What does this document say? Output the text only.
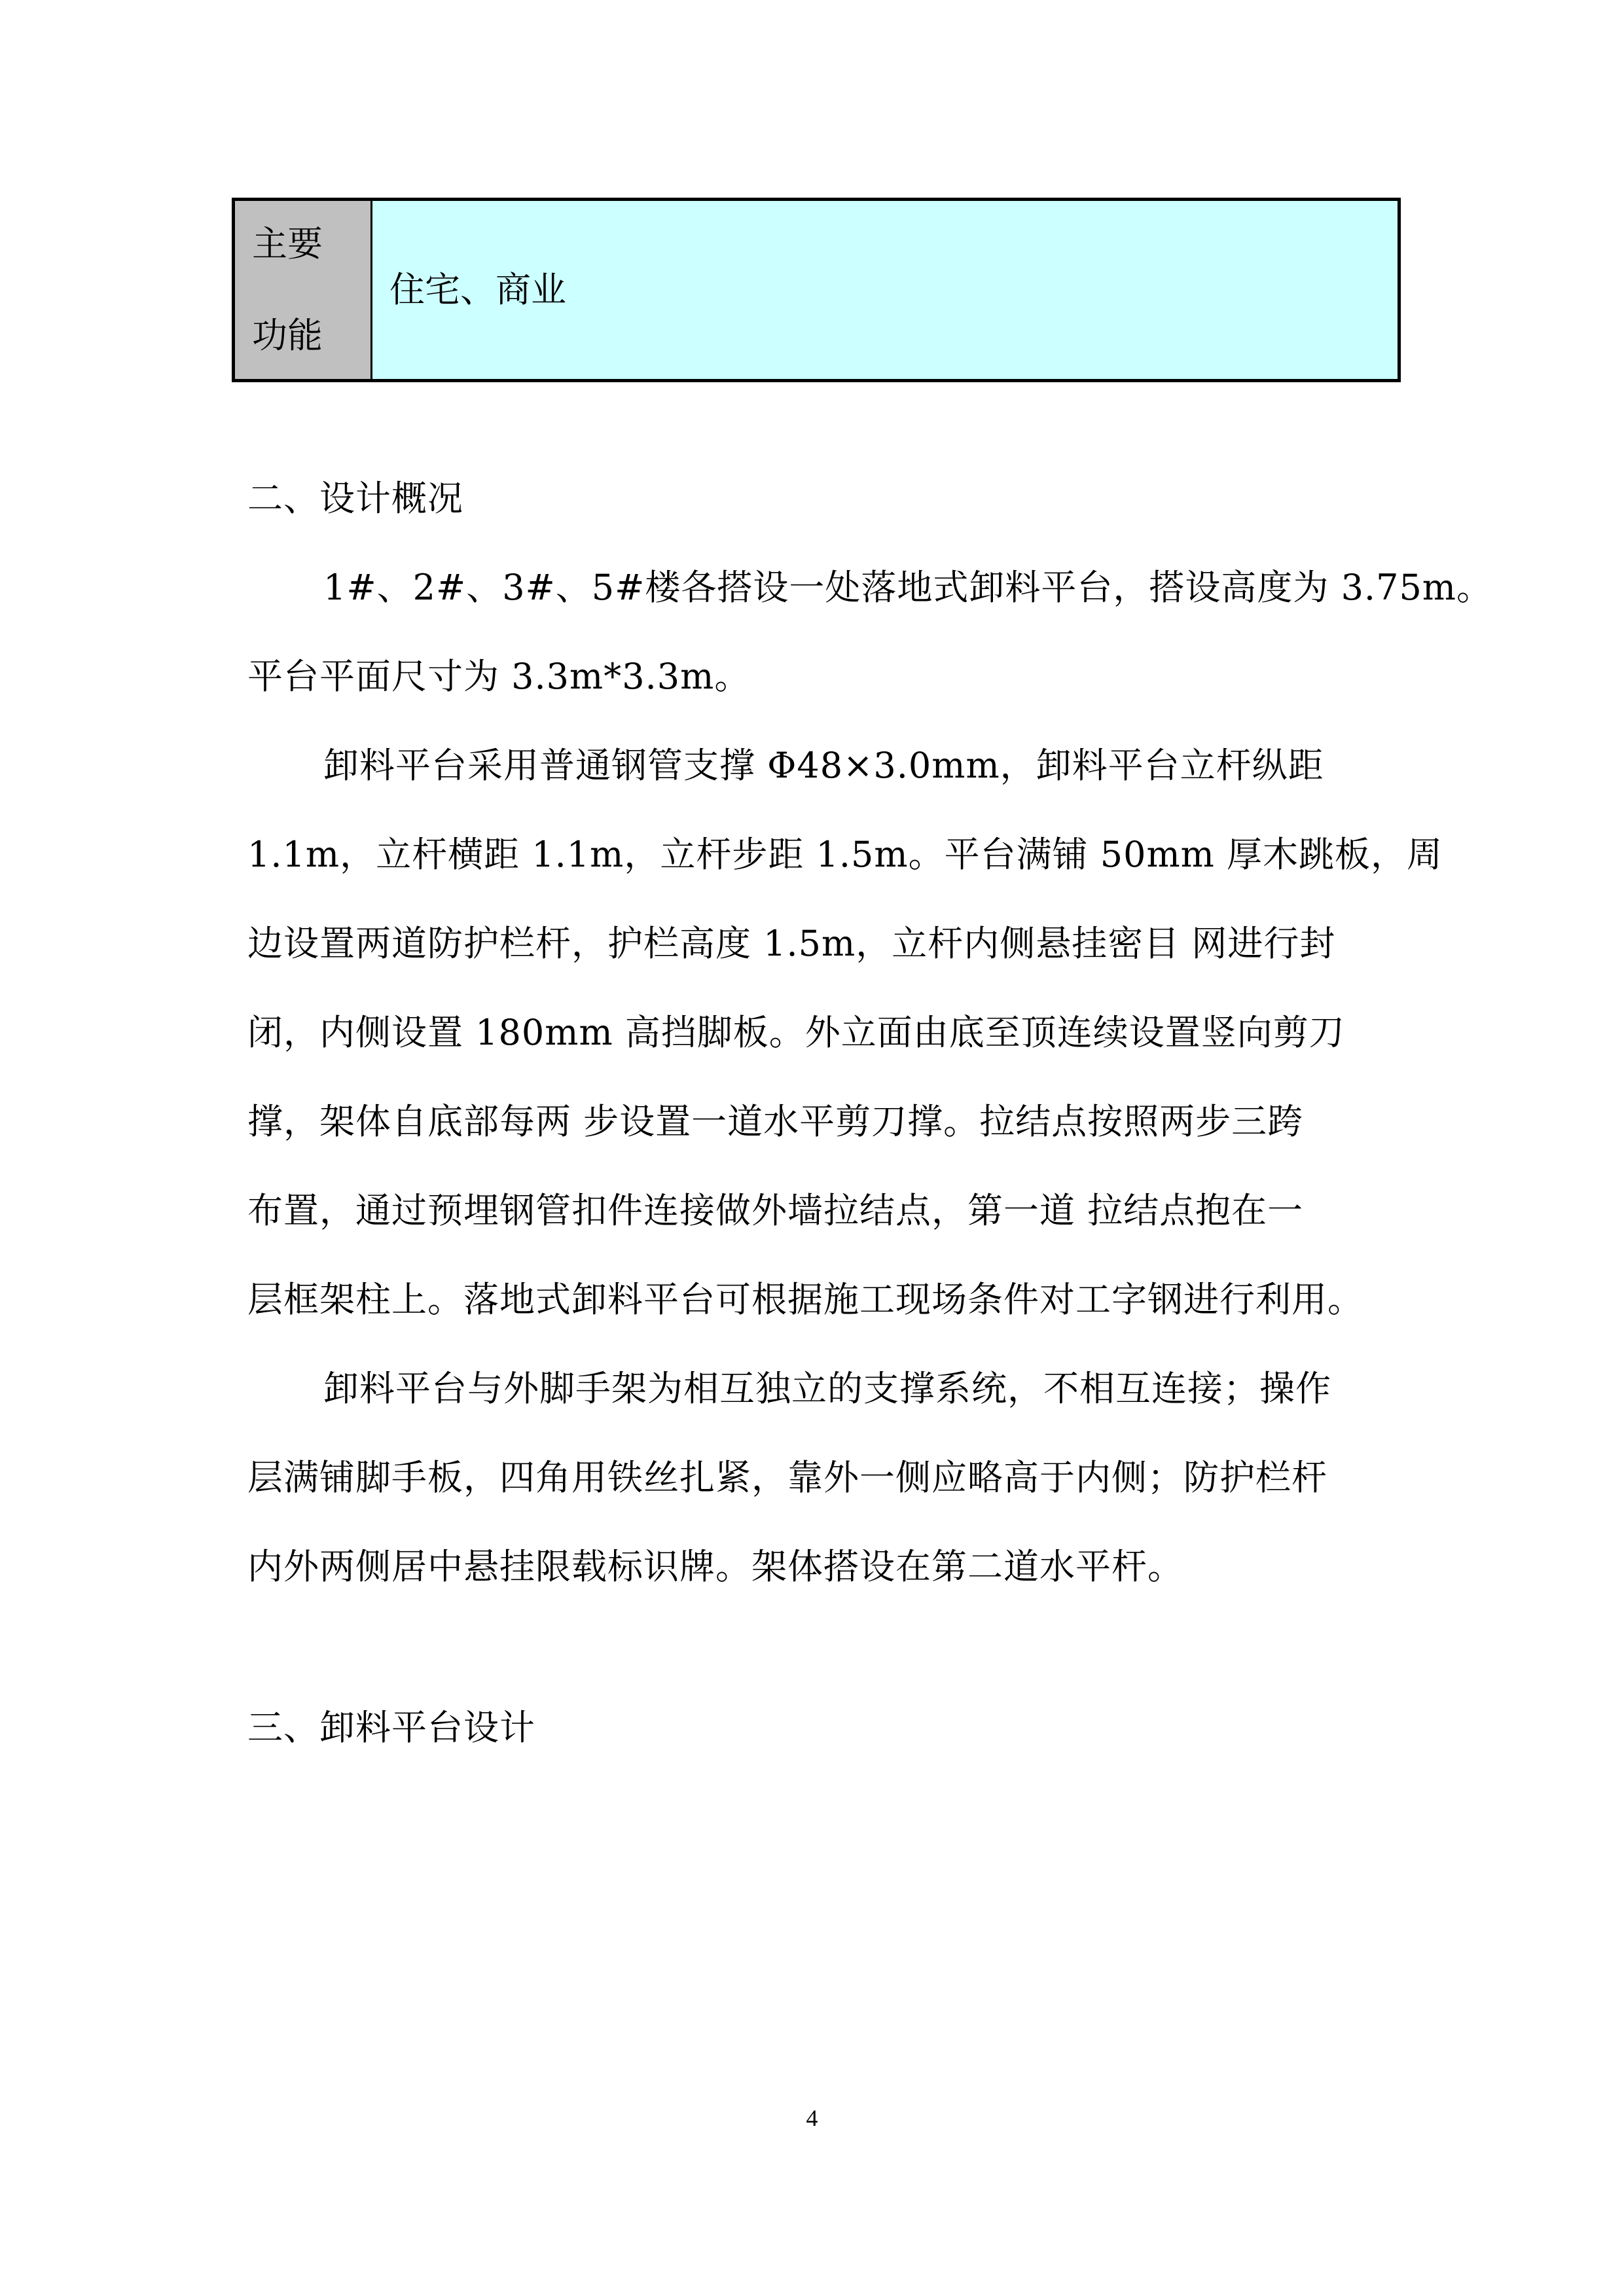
主要
功能
住宅、商业
二、设计概况
1#、2#、3#、5#楼各搭设一处落地式卸料平台，搭设高度为 3.75m。
平台平面尺寸为 3.3m*3.3m。
卸料平台采用普通钢管支撑 Φ48×3.0mm，卸料平台立杆纵距
1.1m，立杆横距 1.1m，立杆步距 1.5m。平台满铺 50mm 厚木跳板，周
边设置两道防护栏杆，护栏高度 1.5m，立杆内侧悬挂密目 网进行封
闭，内侧设置 180mm 高挡脚板。外立面由底至顶连续设置竖向剪刀
撑，架体自底部每两 步设置一道水平剪刀撑。拉结点按照两步三跨
布置，通过预埋钢管扣件连接做外墙拉结点，第一道 拉结点抱在一
层框架柱上。落地式卸料平台可根据施工现场条件对工字钢进行利用。
卸料平台与外脚手架为相互独立的支撑系统，不相互连接；操作
层满铺脚手板，四角用铁丝扎紧，靠外一侧应略高于内侧；防护栏杆
内外两侧居中悬挂限载标识牌。架体搭设在第二道水平杆。
三、卸料平台设计
4
